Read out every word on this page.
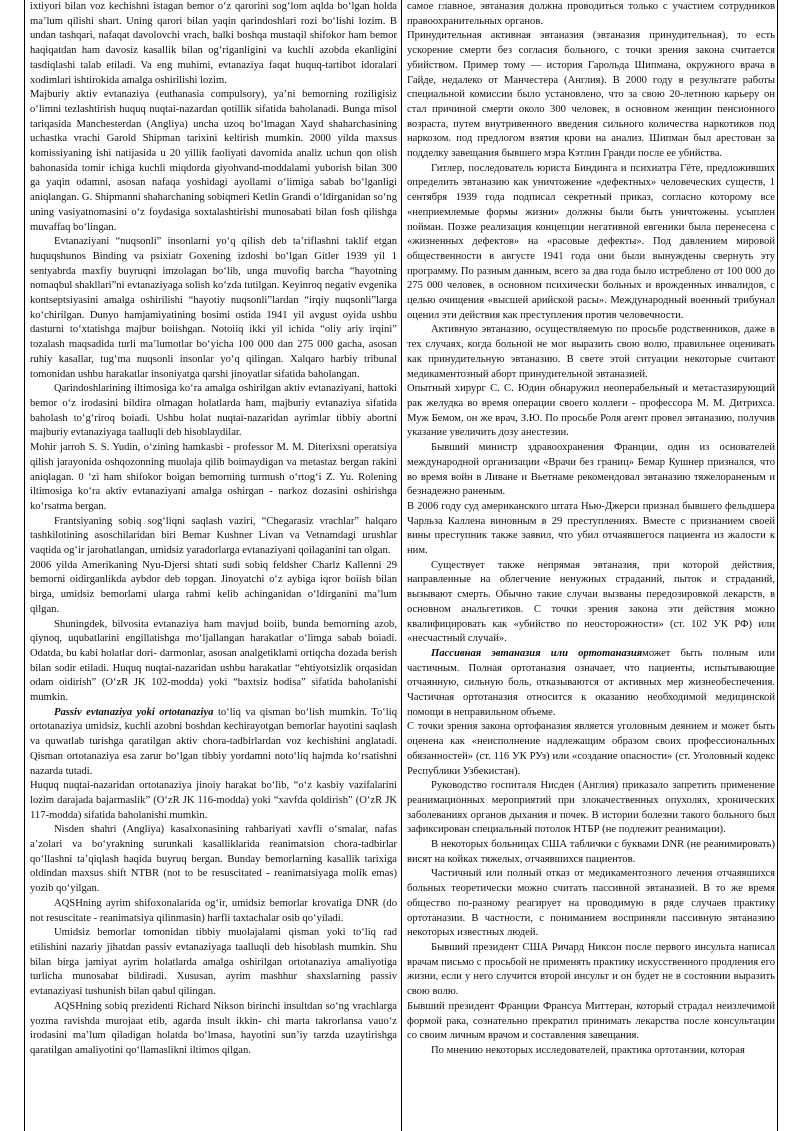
ixtiyori bilan voz kechishni istagan bemor o‘z qarorini sog‘lom aqlda bo‘lgan holda ma’lum qilishi shart. Uning qarori bilan yaqin qarindoshlari rozi bo‘lishi lozim. B undan tashqari, nafaqat davolovchi vrach, balki boshqa mustaqil shifokor ham bemor haqiqatdan ham davosiz kasallik bilan og‘riganligini va kuchli azobda ekanligini tasdiqlashi talab etiladi. Va eng muhimi, evtanaziya faqat huquq-tartibot idoralari xodimlari ishtirokida amalga oshirilishi lozim.

Majburiy aktiv evtanaziya (euthanasia compulsory), ya’ni bemorning roziligisiz o‘limni tezlashtirish huquq nuqtai-nazardan qotillik sifatida baholanadi. Bunga misol tariqasida Manchesterdan (Angliya) uncha uzoq bo‘lmagan Xayd shaharchasining uchastka vrachi Garold Shipman tarixini keltirish mumkin. 2000 yilda maxsus komissiyaning ishi natijasida u 20 yillik faoliyati davomida analiz uchun qon olish bahonasida tomir ichiga kuchli miqdorda giyohvand-moddalami yuborish bilan 300 ga yaqin odamni, asosan nafaqa yoshidagi ayollami o‘limiga sabab bo‘lganligi aniqlangan. G. Shipmanni shaharchaning sobiqmeri Ketlin Grandi o‘ldirganidan so‘ng uning vasiyatnomasini o‘z foydasiga soxtalashtirishi munosabati bilan fosh qilishga muvaffaq bo‘lingan.

Evtanaziyani “nuqsonli” insonlarni yo‘q qilish deb ta’riflashni taklif etgan huquqshunos Binding va psixiatr Goxening izdoshi bo‘lgan Gitler 1939 yil 1 sentyabrda maxfiy buyruqni imzolagan bo‘lib, unga muvofiq barcha “hayotning nomaqbul shakllari”ni evtanaziyaga solish ko‘zda tutilgan. Keyinroq negativ evgenika kontseptsiyasini amalga oshirilishi “hayotiy nuqsonli”lardan “irqiy nuqsonli”larga ko‘chirilgan. Dunyo hamjamiyatining bosimi ostida 1941 yil avgust oyida ushbu dasturni to‘xtatishga majbur boiishgan. Notoiiq ikki yil ichida “oliy ariy irqini” tozalash maqsadida turli ma’lumotlar bo‘yicha 100 000 dan 275 000 gacha, asosan ruhiy kasallar, tug‘ma nuqsonli insonlar yo‘q qilingan. Xalqaro harbiy tribunal tomonidan ushbu harakatlar insoniyatga qarshi jinoyatlar sifatida baholangan.

Qarindoshlarining iltimosiga ko‘ra amalga oshirilgan aktiv evtanaziyani, hattoki bemor o‘z irodasini bildira olmagan holatlarda ham, majburiy evtanaziya sifatida baholash to‘g‘riroq boiadi. Ushbu holat nuqtai-nazaridan ayrimlar tibbiy abortni majburiy evtanaziyaga taalluqli deb hisoblaydilar.

Mohir jarroh S. S. Yudin, o‘zining hamkasbi - professor M. M. Diterixsni operatsiya qilish jarayonida oshqozonning muolaja qilib boimaydigan va metastaz bergan rakini aniqlagan. 0 ‘zi ham shifokor boigan bemorning turmush o‘rtog‘i Z. Yu. Rolening iltimosiga ko‘ra aktiv evtanaziyani amalga oshirgan - narkoz dozasini oshirishga ko‘rsatma bergan.

Frantsiyaning sobiq sog‘liqni saqlash vaziri, “Chegarasiz vrachlar” halqaro tashkilotining asoschilaridan biri Bemar Kushner Livan va Vetnamdagi urushlar vaqtida og‘ir jarohatlangan, umidsiz yaradorlarga evtanaziyani qoilaganini tan olgan.

2006 yilda Amerikaning Nyu-Djersi shtati sudi sobiq feldsher Charlz Kallenni 29 bemorni oidirganlikda aybdor deb topgan. Jinoyatchi o‘z aybiga iqror boiish bilan birga, umidsiz bemorlami ularga rahmi kelib achinganidan o‘ldirganini ma’lum qilgan.

Shuningdek, bilvosita evtanaziya ham mavjud boiib, bunda bemorning azob, qiynoq, uqubatlarini engillatishga mo‘ljallangan harakatlar o‘limga sabab boiadi. Odatda, bu kabi holatlar dori- darmonlar, asosan analgetiklami ortiqcha dozada berish bilan sodir etiladi. Huquq nuqtai-nazaridan ushbu harakatlar “ehtiyotsizlik orqasidan odam oidirish” (O‘zR JK 102-modda) yoki “baxtsiz hodisa” sifatida baholanishi mumkin.

Passiv evtanaziya yoki ortotanaziya to‘liq va qisman bo‘lish mumkin. To‘liq ortotanaziya umidsiz, kuchli azobni boshdan kechirayotgan bemorlar hayotini saqlash va quwatlab turishga qaratilgan aktiv chora-tadbirlardan voz kechishini anglatadi. Qisman ortotanaziya esa zarur bo‘lgan tibbiy yordamni noto‘liq hajmda ko‘rsatishni nazarda tutadi.

Huquq nuqtai-nazaridan ortotanaziya jinoiy harakat bo‘lib, “o‘z kasbiy vazifalarini lozim darajada bajarmaslik” (O‘zR JK 116-modda) yoki “xavfda qoldirish” (O‘zR JK 117-modda) sifatida baholanishi mumkin.

Nisden shahri (Angliya) kasalxonasining rahbariyati xavfli o‘smalar, nafas a’zolari va bo‘yrakning surunkali kasalliklarida reanimatsion chora-tadbirlar qo‘llashni ta’qiqlash haqida buyruq bergan. Bunday bemorlarning kasallik tarixiga oldindan maxsus shift NTBR (not to be resuscitated - reanimatsiyaga molik emas) yozib qo‘yilgan.

AQSHning ayrim shifoxonalarida og‘ir, umidsiz bemorlar krovatiga DNR (do not resuscitate - reanimatsiya qilinmasin) harfli taxtachalar osib qo‘yiladi.

Umidsiz bemorlar tomonidan tibbiy muolajalami qisman yoki to‘liq rad etilishini nazariy jihatdan passiv evtanaziyaga taalluqli deb hisoblash mumkin. Shu bilan birga jamiyat ayrim holatlarda amalga oshirilgan ortotanaziya amaliyotiga turlicha munosabat bildiradi. Xususan, ayrim mashhur shaxslarning passiv evtanaziyasi tushunish bilan qabul qilingan.

AQSHning sobiq prezidenti Richard Nikson birinchi insultdan so‘ng vrachlarga yozma ravishda murojaat etib, agarda insult ikkin- chi marta takrorlansa vauo‘z irodasini ma’lum qiladigan holatda bo‘lmasa, hayotini sun’iy tarzda uzaytirishga qaratilgan amaliyotini qo‘llamaslikni iltimos qilgan.

самое главное, эвтаназия должна проводиться только с участием сотрудников правоохранительных органов.

Принудительная активная эвтаназия (эвтаназия принудительная), то есть ускорение смерти без согласия больного, с точки зрения закона считается убийством. Пример тому — история Гарольда Шипмана, окружного врача в Гайде, недалеко от Манчестера (Англия). В 2000 году в результате работы специальной комиссии было установлено, что за свою 20-летнюю карьеру он стал причиной смерти около 300 человек, в основном женщин пенсионного возраста, путем внутривенного введения сильного количества наркотиков под наркозом. под предлогом взятия крови на анализ. Шипман был арестован за подделку завещания бывшего мэра Кэтлин Гранди после ее убийства.

Гитлер, последователь юриста Биндинга и психиатра Гёте, предложивших определить эвтаназию как уничтожение «дефектных» человеческих существ, 1 сентября 1939 года подписал секретный приказ, согласно которому все «неприемлемые формы жизни» должны были быть уничтожены. усыплен пойман. Позже реализация концепции негативной евгеники была перенесена с «жизненных дефектов» на «расовые дефекты». Под давлением мировой общественности в августе 1941 года они были вынуждены свернуть эту программу. По разным данным, всего за два года было истреблено от 100 000 до 275 000 человек, в основном психически больных и врожденных инвалидов, с целью очищения «высшей арийской расы». Международный военный трибунал оценил эти действия как преступления против человечности.

Активную эвтаназию, осуществляемую по просьбе родственников, даже в тех случаях, когда больной не мог выразить свою волю, правильнее оценивать как принудительную эвтаназию. В свете этой ситуации некоторые считают медикаментозный аборт принудительной эвтаназией.

Опытный хирург С. С. Юдин обнаружил неоперабельный и метастазирующий рак желудка во время операции своего коллеги - профессора М. М. Дитрихса. Муж Бемом, он же врач, З.Ю. По просьбе Роля агент провел эвтаназию, получив указание увеличить дозу анестезии.

Бывший министр здравоохранения Франции, один из основателей международной организации «Врачи без границ» Бемар Кушнер признался, что во время войн в Ливане и Вьетнаме рекомендовал эвтаназию тяжелораненым и безнадежно раненым.

В 2006 году суд американского штата Нью-Джерси признал бывшего фельдшера Чарльза Каллена виновным в 29 преступлениях. Вместе с признанием своей вины преступник также заявил, что убил отчаявшегося пациента из жалости к ним.

Существует также непрямая эвтаназия, при которой действия, направленные на облегчение ненужных страданий, пыток и страданий, вызывают смерть. Обычно такие случаи вызваны передозировкой лекарств, в основном анальгетиков. С точки зрения закона эти действия можно квалифицировать как «убийство по неосторожности» (ст. 102 УК РФ) или «несчастный случай».

Пассивная эвтаназия или ортотаназияможет быть полным или частичным. Полная ортотаназия означает, что пациенты, испытывающие отчаянную, сильную боль, отказываются от активных мер жизнеобеспечения. Частичная ортотаназия относится к оказанию необходимой медицинской помощи в неправильном объеме.

С точки зрения закона ортофаназия является уголовным деянием и может быть оценена как «неисполнение надлежащим образом своих профессиональных обязанностей» (ст. 116 УК РУз) или «создание опасности» (ст. Уголовный кодекс Республики Узбекистан).

Руководство госпиталя Нисден (Англия) приказало запретить применение реанимационных мероприятий при злокачественных опухолях, хронических заболеваниях органов дыхания и почек. В истории болезни такого больного был зафиксирован специальный потолок НТБР (не подлежит реанимации).

В некоторых больницах США таблички с буквами DNR (не реанимировать) висят на койках тяжелых, отчаявшихся пациентов.

Частичный или полный отказ от медикаментозного лечения отчаявшихся больных теоретически можно считать пассивной эвтаназией. В то же время общество по-разному реагирует на проводимую в ряде случаев практику ортотаназии. В частности, с пониманием восприняли пассивную эвтаназию некоторых известных людей.

Бывший президент США Ричард Никсон после первого инсульта написал врачам письмо с просьбой не применять практику искусственного продления его жизни, если у него случится второй инсульт и он будет не в состоянии выразить свою волю.

Бывший президент Франции Франсуа Миттеран, который страдал неизлечимой формой рака, сознательно прекратил принимать лекарства после консультации со своим личным врачом и составления завещания.

По мнению некоторых исследователей, практика ортотанзии, которая
